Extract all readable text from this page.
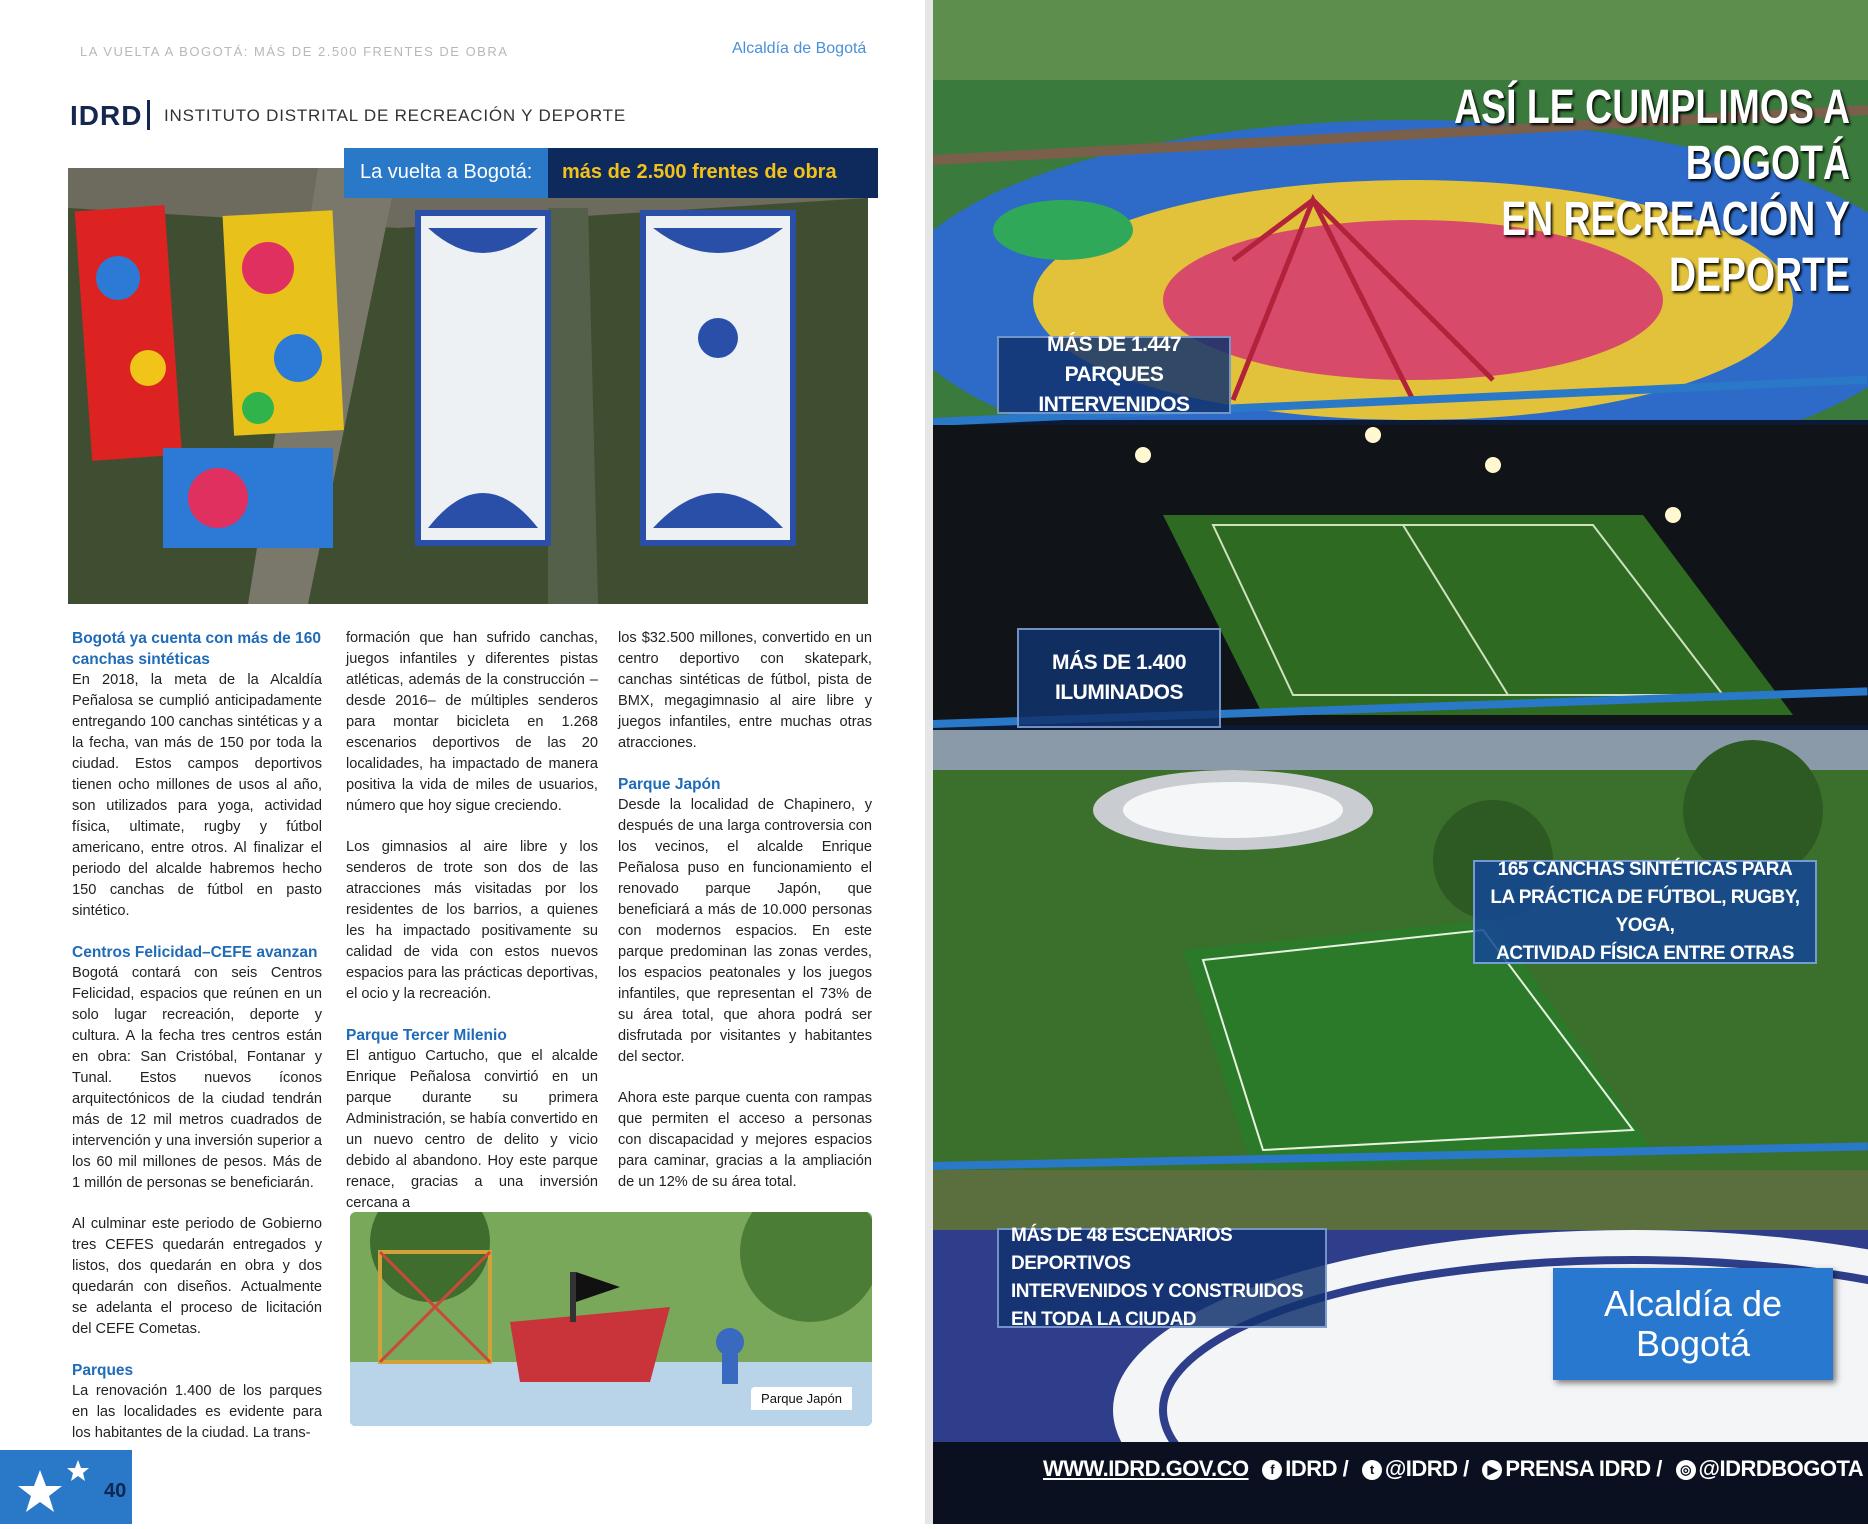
LA VUELTA A BOGOTÁ: MÁS DE 2.500 FRENTES DE OBRA	Alcaldía de Bogotá
IDRD INSTITUTO DISTRITAL DE RECREACIÓN Y DEPORTE
La vuelta a Bogotá: más de 2.500 frentes de obra
Bogotá ya cuenta con más de 160 canchas sintéticas

En 2018, la meta de la Alcaldía Peñalosa se cumplió anticipadamente entregando 100 canchas sintéticas y a la fecha, van más de 150 por toda la ciudad. Estos campos deportivos tienen ocho millones de usos al año, son utilizados para yoga, actividad física, ultimate, rugby y fútbol americano, entre otros. Al finalizar el periodo del alcalde habremos hecho 150 canchas de fútbol en pasto sintético.

Centros Felicidad–CEFE avanzan

Bogotá contará con seis Centros Felicidad, espacios que reúnen en un solo lugar recreación, deporte y cultura. A la fecha tres centros están en obra: San Cristóbal, Fontanar y Tunal. Estos nuevos íconos arquitectónicos de la ciudad tendrán más de 12 mil metros cuadrados de intervención y una inversión superior a los 60 mil millones de pesos. Más de 1 millón de personas se beneficiarán.

Al culminar este periodo de Gobierno tres CEFES quedarán entregados y listos, dos quedarán en obra y dos quedarán con diseños. Actualmente se adelanta el proceso de licitación del CEFE Cometas.

Parques

La renovación 1.400 de los parques en las localidades es evidente para los habitantes de la ciudad. La trans-

formación que han sufrido canchas, juegos infantiles y diferentes pistas atléticas, además de la construcción –desde 2016– de múltiples senderos para montar bicicleta en 1.268 escenarios deportivos de las 20 localidades, ha impactado de manera positiva la vida de miles de usuarios, número que hoy sigue creciendo.

Los gimnasios al aire libre y los senderos de trote son dos de las atracciones más visitadas por los residentes de los barrios, a quienes les ha impactado positivamente su calidad de vida con estos nuevos espacios para las prácticas deportivas, el ocio y la recreación.

Parque Tercer Milenio

El antiguo Cartucho, que el alcalde Enrique Peñalosa convirtió en un parque durante su primera Administración, se había convertido en un nuevo centro de delito y vicio debido al abandono. Hoy este parque renace, gracias a una inversión cercana a

los $32.500 millones, convertido en un centro deportivo con skatepark, canchas sintéticas de fútbol, pista de BMX, megagimnasio al aire libre y juegos infantiles, entre muchas otras atracciones.

Parque Japón

Desde la localidad de Chapinero, y después de una larga controversia con los vecinos, el alcalde Enrique Peñalosa puso en funcionamiento el renovado parque Japón, que beneficiará a más de 10.000 personas con modernos espacios. En este parque predominan las zonas verdes, los espacios peatonales y los juegos infantiles, que representan el 73% de su área total, que ahora podrá ser disfrutada por visitantes y habitantes del sector.

Ahora este parque cuenta con rampas que permiten el acceso a personas con discapacidad y mejores espacios para caminar, gracias a la ampliación de un 12% de su área total.

Parque Japón
40
ASÍ LE CUMPLIMOS A BOGOTÁ
EN RECREACIÓN Y DEPORTE
MÁS DE 1.447
PARQUES INTERVENIDOS
MÁS DE 1.400
ILUMINADOS
165 CANCHAS SINTÉTICAS PARA
LA PRÁCTICA DE FÚTBOL, RUGBY, YOGA,
ACTIVIDAD FÍSICA ENTRE OTRAS
MÁS DE 48 ESCENARIOS DEPORTIVOS
INTERVENIDOS Y CONSTRUIDOS
EN TODA LA CIUDAD	Alcaldía de
Bogotá
WWW.IDRD.GOV.CO f IDRD / t @IDRD / ▶ PRENSA IDRD / ◎ @IDRDBOGOTA
